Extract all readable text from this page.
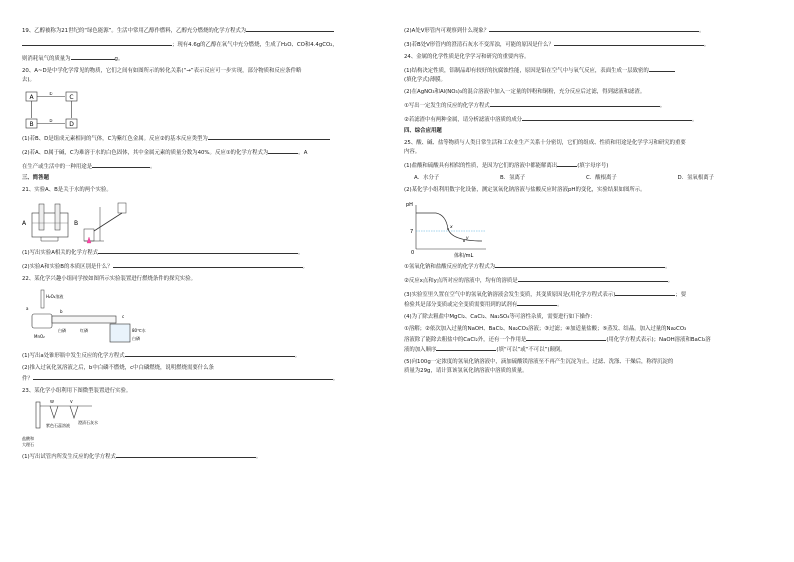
19、乙醇被称为21世纪的“绿色能源”。生活中常用乙醇作燃料，乙醇充分燃烧的化学方程式为

；现有4.6g的乙醇在氧气中充分燃烧，生成了H₂O、CO和4.4gCO₂，

则消耗氧气的质量为	g。

20、A~D是中学化学常见的物质，它们之间有如图所示的转化关系(“→”表示反应可一步实现，部分物质和反应条件略

去)。

A	C
B	D
①
②

(1)若B、D是组成元素相同的气体，C为紫红色金属。反应②的基本反应类型为

(2)若A、D属于碱，C为难溶于水的白色固体，其中金属元素的质量分数为40%。反应①的化学方程式为	。A

在生产或生活中的一种用途是	。

三、简答题

21、实验A、B是关于水的两个实验。

A	B

(1)写出实验A相关的化学方程式	。

(2)实验A和实验B的本质区别是什么？	。

22、某化学兴趣小组同学按如图所示实验装置进行燃烧条件的探究实验。

H₂O₂溶液
a
MnO₂
b
白磷	红磷	80℃水
白磷
c

(1)写出a处锥形瓶中发生反应的化学方程式	。

(2)推入过氧化氢溶液之后，b中白磷不燃烧，c中白磷燃烧，说明燃烧需要什么条

件？	。

23、某化学小组利用下图微型装置进行实验。

W	V
紫色石蕊溶液
澄清石灰水
盐酸和
大理石

(1)写出试管内所发生反应的化学方程式	。

(2)A处V形管内可观察到什么现象？	。

(3)若B处V形管内的澄清石灰水不变浑浊，可能的原因是什么？	。

24、金属的化学性质是化学学习和研究的重要内容。

(1)结构决定性质，铝制品却有较好的抗腐蚀性能，原因是铝在空气中与氧气反应，表面生成一层致密的

(填化学式)薄膜。

(2)在AgNO₃和Al(NO₃)₃的混合溶液中加入一定量的锌粉和铜粉，充分反应后过滤，得到滤液和滤渣。

①写出一定发生的反应的化学方程式	。

②若滤渣中有两种金属，请分析滤液中溶质的成分	。

四、综合应用题

25、酸、碱、盐等物质与人类日常生活和工农业生产关系十分密切，它们的组成、性质和用途是化学学习和研究的重要

内容。

(1)盐酸和硫酸具有相似的性质，是因为它们的溶液中都能解离出	(填字母序号)

A．水分子	B．氢离子	C．酸根离子	D．氢氧根离子

(2)某化学小组利用数字化设备，测定氢氧化钠溶液与盐酸反应时溶液pH的变化，实验结果如图所示。

pH
7
0
x
y
体积/mL

①氢氧化钠和盐酸反应的化学方程式为	。

②反应x点和y点所对应的溶液中，均有的溶质是	。

(3)实验室里久置在空气中的氢氧化钠溶液会发生变质，其变质原因是(用化学方程式表示)	；要

检验其是部分变质或完全变质需要用到的试剂有	。

(4)为了除去粗盐中MgCl₂、CaCl₂、Na₂SO₄等可溶性杂质，需要进行如下操作：

①溶解；②依次加入过量的NaOH、BaCl₂、Na₂CO₃溶液；③过滤；④加适量盐酸；⑤蒸发、结晶。加入过量的Na₂CO₃

溶液除了能除去粗盐中的CaCl₂外，还有一个作用是	(用化学方程式表示)；NaOH溶液和BaCl₂溶

液的加入顺序	(填“可以”或“不可以”)颠倒。

(5)向100g一定浓度的氢氧化钠溶液中，滴加硫酸镁溶液至不再产生沉淀为止，过滤、洗涤、干燥后，称得沉淀的

质量为29g，请计算该氢氧化钠溶液中溶质的质量。
